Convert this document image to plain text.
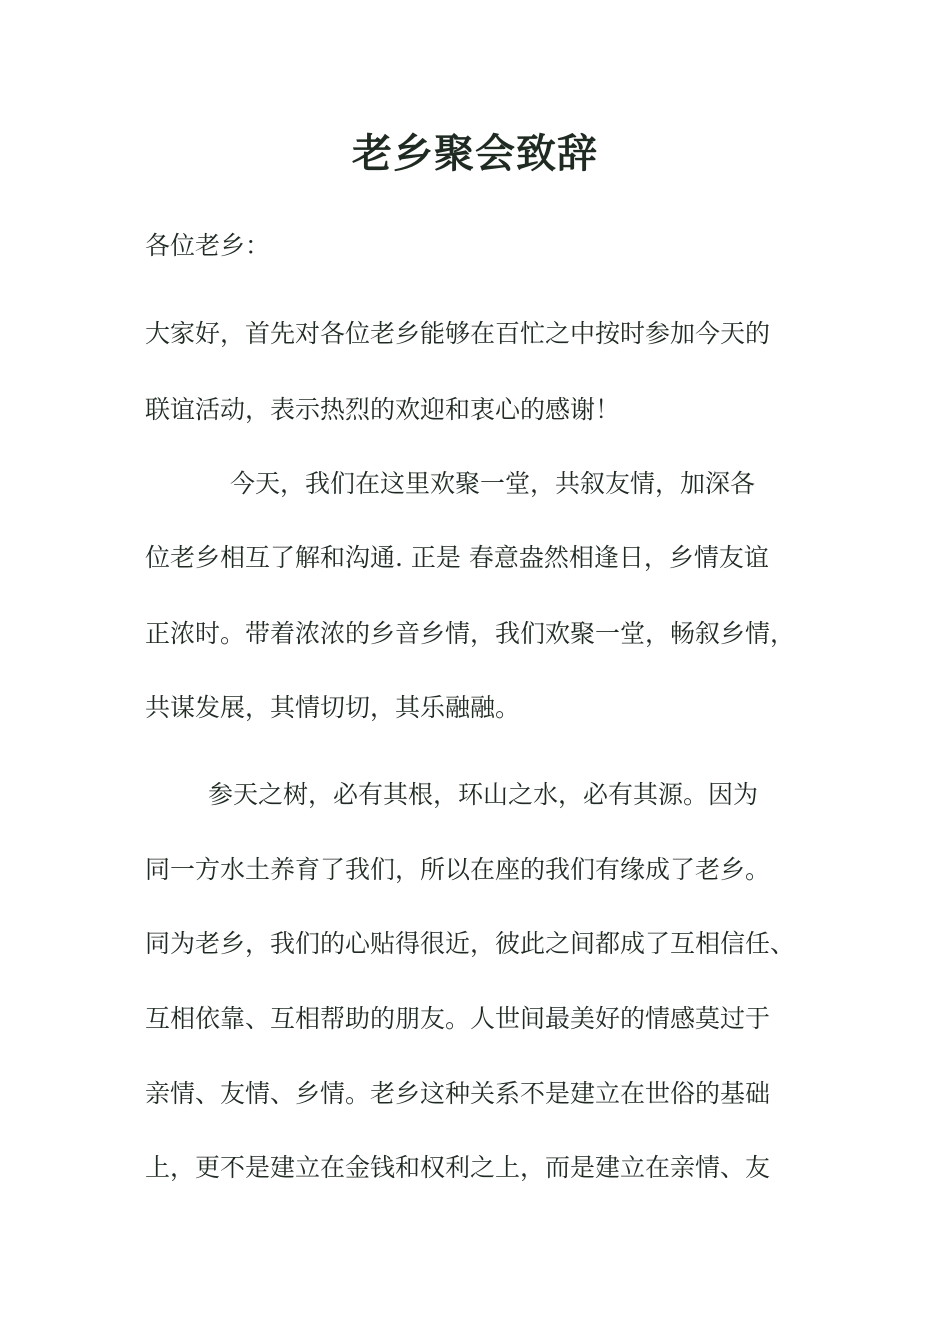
老乡聚会致辞

各位老乡：

大家好，首先对各位老乡能够在百忙之中按时参加今天的

联谊活动，表示热烈的欢迎和衷心的感谢！

今天，我们在这里欢聚一堂，共叙友情，加深各

位老乡相互了解和沟通. 正是 春意盎然相逢日，乡情友谊

正浓时。带着浓浓的乡音乡情，我们欢聚一堂，畅叙乡情，

共谋发展，其情切切，其乐融融。

参天之树，必有其根，环山之水，必有其源。因为

同一方水土养育了我们，所以在座的我们有缘成了老乡。

同为老乡，我们的心贴得很近，彼此之间都成了互相信任、

互相依靠、互相帮助的朋友。人世间最美好的情感莫过于

亲情、友情、乡情。老乡这种关系不是建立在世俗的基础

上，更不是建立在金钱和权利之上，而是建立在亲情、友
